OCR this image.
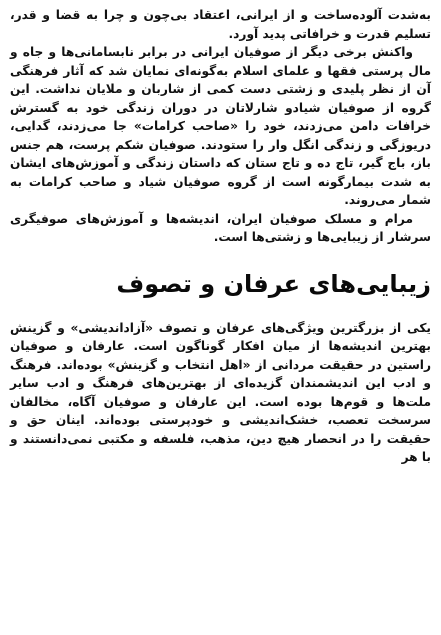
به‌شدت آلوده‌ساخت و از ایرانی، اعتقاد بی‌چون و چرا به قضا و قدر، تسلیم قدرت و خرافاتی پدید آورد.

واکنش برخی دیگر از صوفیان ایرانی در برابر نابسامانی‌ها و جاه و مال پرستی فقها و علمای اسلام به‌گونه‌ای نمایان شد که آثار فرهنگی آن از نظر پلیدی و زشتی دست کمی از شاربان و ملایان نداشت. این گروه از صوفیان شیادو شارلاتان در دوران زندگی خود به گسترش خرافات دامن می‌زدند، خود را «صاحب کرامات» جا می‌زدند، گدایی، دریوزگی و زندگی انگل وار را ستودند. صوفیان شکم پرست، هم جنس باز، باج گیر، تاج ده و تاج ستان که داستان زندگی و آموزش‌های ایشان به شدت بیمارگونه است از گروه صوفیان شیاد و صاحب کرامات به شمار می‌روند.

مرام و مسلک صوفیان ایران، اندیشه‌ها و آموزش‌های صوفیگری سرشار از زیبایی‌ها و زشتی‌ها است.

زیبایی‌های عرفان و تصوف

یکی از بزرگترین ویژگی‌های عرفان و تصوف «آزاداندیشی» و گزینش بهترین اندیشه‌ها از میان افکار گوناگون است. عارفان و صوفیان راستین در حقیقت مردانی از «اهل انتخاب و گزینش» بوده‌اند. فرهنگ و ادب این اندیشمندان گزیده‌ای از بهترین‌های فرهنگ و ادب سایر ملت‌ها و قوم‌ها بوده است. این عارفان و صوفیان آگاه، مخالفان سرسخت تعصب، خشک‌اندیشی و خودپرستی بوده‌اند. اینان حق و حقیقت را در انحصار هیچ دین، مذهب، فلسفه و مکتبی نمی‌دانستند و با هر
